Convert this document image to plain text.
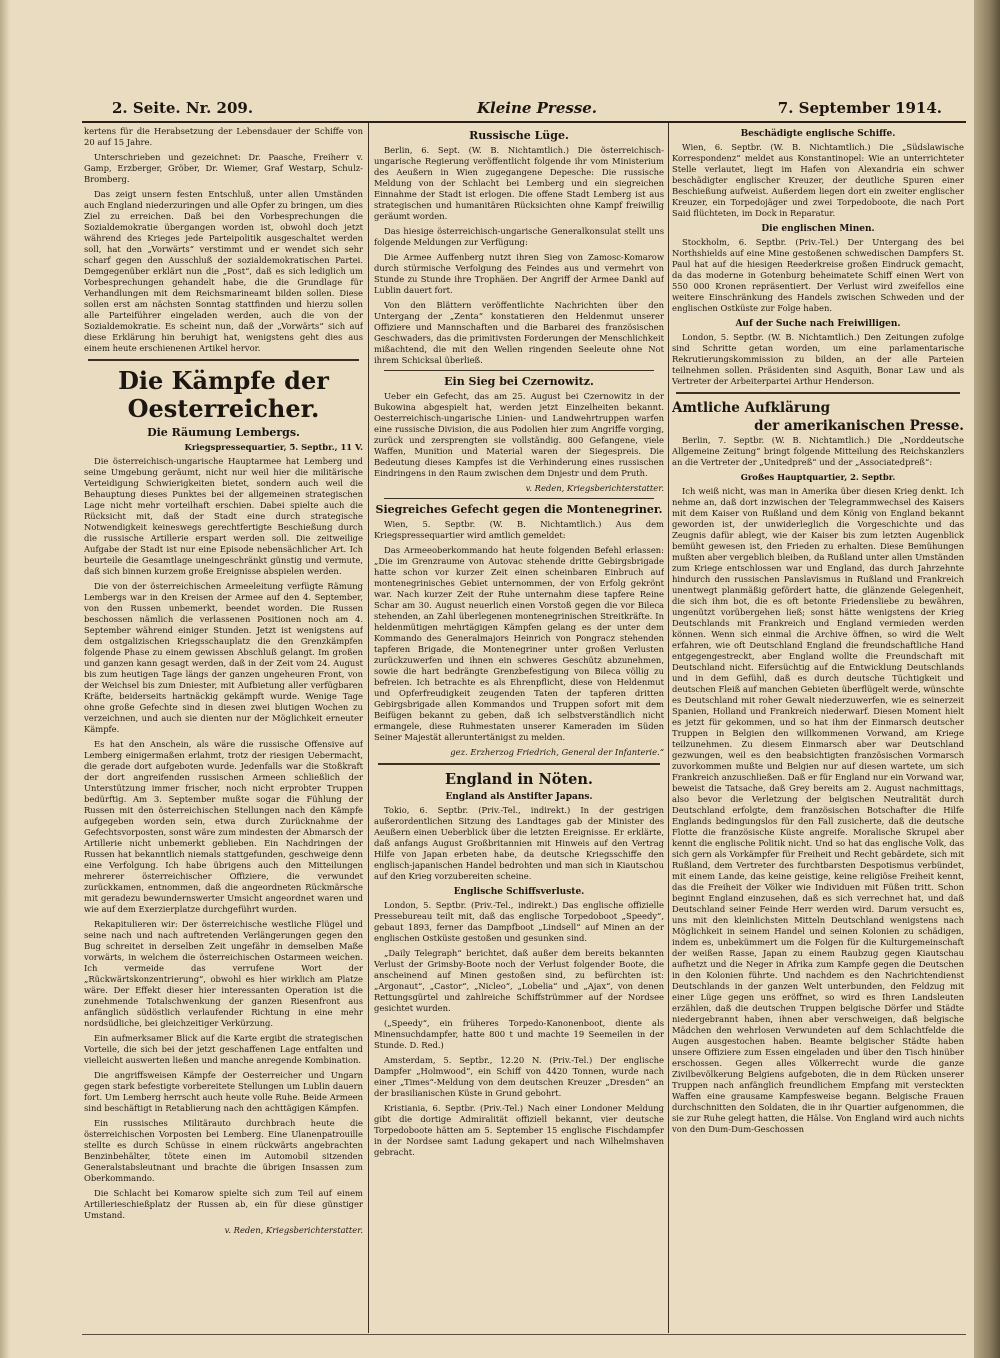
2. Seite. Nr. 209.	Kleine Presse.	7. September 1914.

kertens für die Herabsetzung der Lebensdauer der Schiffe von 20 auf 15 Jahre.

Unterschrieben und gezeichnet: Dr. Paasche, Freiherr v. Gamp, Erzberger, Gröber, Dr. Wiemer, Graf Westarp, Schulz-Bromberg.

Das zeigt unsern festen Entschluß, unter allen Umständen auch England niederzuringen und alle Opfer zu bringen, um dies Ziel zu erreichen. Daß bei den Vorbesprechungen die Sozialdemokratie übergangen worden ist, obwohl doch jetzt während des Krieges jede Parteipolitik ausgeschaltet werden soll, hat den „Vorwärts“ verstimmt und er wendet sich sehr scharf gegen den Ausschluß der sozialdemokratischen Partei. Demgegenüber erklärt nun die „Post“, daß es sich lediglich um Vorbesprechungen gehandelt habe, die die Grundlage für Verhandlungen mit dem Reichsmarineamt bilden sollen. Diese sollen erst am nächsten Sonntag stattfinden und hierzu sollen alle Parteiführer eingeladen werden, auch die von der Sozialdemokratie. Es scheint nun, daß der „Vorwärts“ sich auf diese Erklärung hin beruhigt hat, wenigstens geht dies aus einem heute erschienenen Artikel hervor.

Die Kämpfe der Oesterreicher.
Die Räumung Lembergs.
Kriegspressequartier, 5. Septbr., 11 V.

Die österreichisch-ungarische Hauptarmee hat Lemberg und seine Umgebung geräumt, nicht nur weil hier die militärische Verteidigung Schwierigkeiten bietet, sondern auch weil die Behauptung dieses Punktes bei der allgemeinen strategischen Lage nicht mehr vorteilhaft erschien. Dabei spielte auch die Rücksicht mit, daß der Stadt eine durch strategische Notwendigkeit keineswegs gerechtfertigte Beschießung durch die russische Artillerie erspart werden soll. Die zeitweilige Aufgabe der Stadt ist nur eine Episode nebensächlicher Art. Ich beurteile die Gesamtlage uneingeschränkt günstig und vermute, daß sich binnen kurzem große Ereignisse abspielen werden.

Die von der österreichischen Armeeleitung verfügte Rämung Lembergs war in den Kreisen der Armee auf den 4. September, von den Russen unbemerkt, beendet worden. Die Russen beschossen nämlich die verlassenen Positionen noch am 4. September während einiger Stunden. Jetzt ist wenigstens auf dem ostgalizischen Kriegsschauplatz die den Grenzkämpfen folgende Phase zu einem gewissen Abschluß gelangt. Im großen und ganzen kann gesagt werden, daß in der Zeit vom 24. August bis zum heutigen Tage längs der ganzen ungeheuren Front, von der Weichsel bis zum Dniester, mit Aufbietung aller verfügbaren Kräfte, beiderseits hartnäckig gekämpft wurde. Wenige Tage ohne große Gefechte sind in diesen zwei blutigen Wochen zu verzeichnen, und auch sie dienten nur der Möglichkeit erneuter Kämpfe.

Es hat den Anschein, als wäre die russische Offensive auf Lemberg einigermaßen erlahmt, trotz der riesigen Uebermacht, die gerade dort aufgeboten wurde. Jedenfalls war die Stoßkraft der dort angreifenden russischen Armeen schließlich der Unterstützung immer frischer, noch nicht erprobter Truppen bedürftig. Am 3. September mußte sogar die Fühlung der Russen mit den österreichischen Stellungen nach den Kämpfe aufgegeben worden sein, etwa durch Zurücknahme der Gefechtsvorposten, sonst wäre zum mindesten der Abmarsch der Artillerie nicht unbemerkt geblieben. Ein Nachdringen der Russen hat bekanntlich niemals stattgefunden, geschweige denn eine Verfolgung. Ich habe übrigens auch den Mitteilungen mehrerer österreichischer Offiziere, die verwundet zurückkamen, entnommen, daß die angeordneten Rückmärsche mit geradezu bewundernswerter Umsicht angeordnet waren und wie auf dem Exerzierplatze durchgeführt wurden.

Rekapitulieren wir: Der österreichische westliche Flügel und seine nach und nach auftretenden Verlängerungen gegen den Bug schreitet in derselben Zeit ungefähr in demselben Maße vorwärts, in welchem die österreichischen Ostarmeen weichen. Ich vermeide das verrufene Wort der „Rückwärtskonzentrierung“, obwohl es hier wirklich am Platze wäre. Der Effekt dieser hier interessanten Operation ist die zunehmende Totalschwenkung der ganzen Riesenfront aus anfänglich südöstlich verlaufender Richtung in eine mehr nordsüdliche, bei gleichzeitiger Verkürzung.

Ein aufmerksamer Blick auf die Karte ergibt die strategischen Vorteile, die sich bei der jetzt geschaffenen Lage entfalten und vielleicht auswerten ließen und manche anregende Kombination.

Die angriffsweisen Kämpfe der Oesterreicher und Ungarn gegen stark befestigte vorbereitete Stellungen um Lublin dauern fort. Um Lemberg herrscht auch heute volle Ruhe. Beide Armeen sind beschäftigt in Retablierung nach den achttägigen Kämpfen.

Ein russisches Militärauto durchbrach heute die österreichischen Vorposten bei Lemberg. Eine Ulanenpatrouille stellte es durch Schüsse in einem rückwärts angebrachten Benzinbehälter, tötete einen im Automobil sitzenden Generalstabsleutnant und brachte die übrigen Insassen zum Oberkommando.

Die Schlacht bei Komarow spielte sich zum Teil auf einem Artillerieschießplatz der Russen ab, ein für diese günstiger Umstand.

v. Reden, Kriegsberichterstatter.
Russische Lüge.

Berlin, 6. Sept. (W. B. Nichtamtlich.) Die österreichisch-ungarische Regierung veröffentlicht folgende ihr vom Ministerium des Aeußern in Wien zugegangene Depesche: Die russische Meldung von der Schlacht bei Lemberg und ein siegreichen Einnahme der Stadt ist erlogen. Die offene Stadt Lemberg ist aus strategischen und humanitären Rücksichten ohne Kampf freiwillig geräumt worden.

Das hiesige österreichisch-ungarische Generalkonsulat stellt uns folgende Meldungen zur Verfügung:

Die Armee Auffenberg nutzt ihren Sieg von Zamosc-Komarow durch stürmische Verfolgung des Feindes aus und vermehrt von Stunde zu Stunde ihre Trophäen. Der Angriff der Armee Dankl auf Lublin dauert fort.

Von den Blättern veröffentlichte Nachrichten über den Untergang der „Zenta“ konstatieren den Heldenmut unserer Offiziere und Mannschaften und die Barbarei des französischen Geschwaders, das die primitivsten Forderungen der Menschlichkeit mißachtend, die mit den Wellen ringenden Seeleute ohne Not ihrem Schicksal überließ.

Ein Sieg bei Czernowitz.

Ueber ein Gefecht, das am 25. August bei Czernowitz in der Bukowina abgespielt hat, werden jetzt Einzelheiten bekannt. Oesterreichisch-ungarische Linien- und Landwehrtruppen warfen eine russische Division, die aus Podolien hier zum Angriffe vorging, zurück und zersprengten sie vollständig. 800 Gefangene, viele Waffen, Munition und Material waren der Siegespreis. Die Bedeutung dieses Kampfes ist die Verhinderung eines russischen Eindringens in den Raum zwischen dem Dnjestr und dem Pruth.

v. Reden, Kriegsberichterstatter.
Siegreiches Gefecht gegen die Montenegriner.

Wien, 5. Septbr. (W. B. Nichtamtlich.) Aus dem Kriegspressequartier wird amtlich gemeldet:

Das Armeeoberkommando hat heute folgenden Befehl erlassen: „Die im Grenzraume von Autovac stehende dritte Gebirgsbrigade hatte schon vor kurzer Zeit einen scheinbaren Einbruch auf montenegrinisches Gebiet unternommen, der von Erfolg gekrönt war. Nach kurzer Zeit der Ruhe unternahm diese tapfere Reine Schar am 30. August neuerlich einen Vorstoß gegen die vor Bileca stehenden, an Zahl überlegenen montenegrinischen Streitkräfte. In heldenmütigen mehrtägigen Kämpfen gelang es der unter dem Kommando des Generalmajors Heinrich von Pongracz stehenden tapferen Brigade, die Montenegriner unter großen Verlusten zurückzuwerfen und ihnen ein schweres Geschütz abzunehmen, sowie die hart bedrängte Grenzbefestigung von Bileca völlig zu befreien. Ich betrachte es als Ehrenpflicht, diese von Heldenmut und Opferfreudigkeit zeugenden Taten der tapferen dritten Gebirgsbrigade allen Kommandos und Truppen sofort mit dem Beifügen bekannt zu geben, daß ich selbstverständlich nicht ermangele, diese Ruhmestaten unserer Kameraden im Süden Seiner Majestät alleruntertänigst zu melden.

gez. Erzherzog Friedrich, General der Infanterie.“
England in Nöten.
England als Anstifter Japans.

Tokio, 6. Septbr. (Priv.-Tel., indirekt.) In der gestrigen außerordentlichen Sitzung des Landtages gab der Minister des Aeußern einen Ueberblick über die letzten Ereignisse. Er erklärte, daß anfangs August Großbritannien mit Hinweis auf den Vertrag Hilfe von Japan erbeten habe, da deutsche Kriegsschiffe den englisch-japanischen Handel bedrohten und man sich in Kiautschou auf den Krieg vorzubereiten scheine.

Englische Schiffsverluste.

London, 5. Septbr. (Priv.-Tel., indirekt.) Das englische offizielle Pressebureau teilt mit, daß das englische Torpedoboot „Speedy“, gebaut 1893, ferner das Dampfboot „Lindsell“ auf Minen an der englischen Ostküste gestoßen und gesunken sind.

„Daily Telegraph“ berichtet, daß außer dem bereits bekannten Verlust der Grimsby-Boote noch der Verlust folgender Boote, die anscheinend auf Minen gestoßen sind, zu befürchten ist: „Argonaut“, „Castor“, „Nicleo“, „Lobelia“ und „Ajax“, von denen Rettungsgürtel und zahlreiche Schiffstrümmer auf der Nordsee gesichtet wurden.

(„Speedy“, ein früheres Torpedo-Kanonenboot, diente als Minensuchdampfer, hatte 800 t und machte 19 Seemeilen in der Stunde. D. Red.)

Amsterdam, 5. Septbr., 12.20 N. (Priv.-Tel.) Der englische Dampfer „Holmwood“, ein Schiff von 4420 Tonnen, wurde nach einer „Times“-Meldung von dem deutschen Kreuzer „Dresden“ an der brasilianischen Küste in Grund gebohrt.

Kristiania, 6. Septbr. (Priv.-Tel.) Nach einer Londoner Meldung gibt die dortige Admiralität offiziell bekannt, vier deutsche Torpedoboote hätten am 5. September 15 englische Fischdampfer in der Nordsee samt Ladung gekapert und nach Wilhelmshaven gebracht.

Beschädigte englische Schiffe.

Wien, 6. Septbr. (W. B. Nichtamtlich.) Die „Südslawische Korrespondenz“ meldet aus Konstantinopel: Wie an unterrichteter Stelle verlautet, liegt im Hafen von Alexandria ein schwer beschädigter englischer Kreuzer, der deutliche Spuren einer Beschießung aufweist. Außerdem liegen dort ein zweiter englischer Kreuzer, ein Torpedojäger und zwei Torpedoboote, die nach Port Said flüchteten, im Dock in Reparatur.

Die englischen Minen.

Stockholm, 6. Septbr. (Priv.-Tel.) Der Untergang des bei Northshields auf eine Mine gestoßenen schwedischen Dampfers St. Paul hat auf die hiesigen Reederkreise großen Eindruck gemacht, da das moderne in Gotenburg beheimatete Schiff einen Wert von 550 000 Kronen repräsentiert. Der Verlust wird zweifellos eine weitere Einschränkung des Handels zwischen Schweden und der englischen Ostküste zur Folge haben.

Auf der Suche nach Freiwilligen.

London, 5. Septbr. (W. B. Nichtamtlich.) Den Zeitungen zufolge sind Schritte getan worden, um eine parlamentarische Rekrutierungskommission zu bilden, an der alle Parteien teilnehmen sollen. Präsidenten sind Asquith, Bonar Law und als Vertreter der Arbeiterpartei Arthur Henderson.

Amtliche Aufklärung
der amerikanischen Presse.

Berlin, 7. Septbr. (W. B. Nichtamtlich.) Die „Norddeutsche Allgemeine Zeitung“ bringt folgende Mitteilung des Reichskanzlers an die Vertreter der „Unitedpreß“ und der „Associatedpreß“:

Großes Hauptquartier, 2. Septbr.

Ich weiß nicht, was man in Amerika über diesen Krieg denkt. Ich nehme an, daß dort inzwischen der Telegrammwechsel des Kaisers mit dem Kaiser von Rußland und dem König von England bekannt geworden ist, der unwiderleglich die Vorgeschichte und das Zeugnis dafür ablegt, wie der Kaiser bis zum letzten Augenblick bemüht gewesen ist, den Frieden zu erhalten. Diese Bemühungen mußten aber vergeblich bleiben, da Rußland unter allen Umständen zum Kriege entschlossen war und England, das durch Jahrzehnte hindurch den russischen Panslavismus in Rußland und Frankreich unentwegt planmäßig gefördert hatte, die glänzende Gelegenheit, die sich ihm bot, die es oft betonte Friedensliebe zu bewähren, ungenützt vorübergehen ließ; sonst hätte wenigstens der Krieg Deutschlands mit Frankreich und England vermieden werden können. Wenn sich einmal die Archive öffnen, so wird die Welt erfahren, wie oft Deutschland England die freundschaftliche Hand entgegengestreckt, aber England wollte die Freundschaft mit Deutschland nicht. Eifersüchtig auf die Entwicklung Deutschlands und in dem Gefühl, daß es durch deutsche Tüchtigkeit und deutschen Fleiß auf manchen Gebieten überflügelt werde, wünschte es Deutschland mit roher Gewalt niederzuwerfen, wie es seinerzeit Spanien, Holland und Frankreich niederwarf. Diesen Moment hielt es jetzt für gekommen, und so hat ihm der Einmarsch deutscher Truppen in Belgien den willkommenen Vorwand, am Kriege teilzunehmen. Zu diesem Einmarsch aber war Deutschland gezwungen, weil es den beabsichtigten französischen Vormarsch zuvorkommen mußte und Belgien nur auf diesen wartete, um sich Frankreich anzuschließen. Daß er für England nur ein Vorwand war, beweist die Tatsache, daß Grey bereits am 2. August nachmittags, also bevor die Verletzung der belgischen Neutralität durch Deutschland erfolgte, dem französischen Botschafter die Hilfe Englands bedingungslos für den Fall zusicherte, daß die deutsche Flotte die französische Küste angreife. Moralische Skrupel aber kennt die englische Politik nicht. Und so hat das englische Volk, das sich gern als Vorkämpfer für Freiheit und Recht gebärdete, sich mit Rußland, dem Vertreter des furchtbarsten Despotismus verbündet, mit einem Lande, das keine geistige, keine religiöse Freiheit kennt, das die Freiheit der Völker wie Individuen mit Füßen tritt. Schon beginnt England einzusehen, daß es sich verrechnet hat, und daß Deutschland seiner Feinde Herr werden wird. Darum versucht es, uns mit den kleinlichsten Mitteln Deutschland wenigstens nach Möglichkeit in seinem Handel und seinen Kolonien zu schädigen, indem es, unbekümmert um die Folgen für die Kulturgemeinschaft der weißen Rasse, Japan zu einem Raubzug gegen Kiautschau aufhetzt und die Neger in Afrika zum Kampfe gegen die Deutschen in den Kolonien führte. Und nachdem es den Nachrichtendienst Deutschlands in der ganzen Welt unterbunden, den Feldzug mit einer Lüge gegen uns eröffnet, so wird es Ihren Landsleuten erzählen, daß die deutschen Truppen belgische Dörfer und Städte niedergebrannt haben, ihnen aber verschweigen, daß belgische Mädchen den wehrlosen Verwundeten auf dem Schlachtfelde die Augen ausgestochen haben. Beamte belgischer Städte haben unsere Offiziere zum Essen eingeladen und über den Tisch hinüber erschossen. Gegen alles Völkerrecht wurde die ganze Zivilbevölkerung Belgiens aufgeboten, die in dem Rücken unserer Truppen nach anfänglich freundlichem Empfang mit versteckten Waffen eine grausame Kampfesweise begann. Belgische Frauen durchschnitten den Soldaten, die in ihr Quartier aufgenommen, die sie zur Ruhe gelegt hatten, die Hälse. Von England wird auch nichts von den Dum-Dum-Geschossen
